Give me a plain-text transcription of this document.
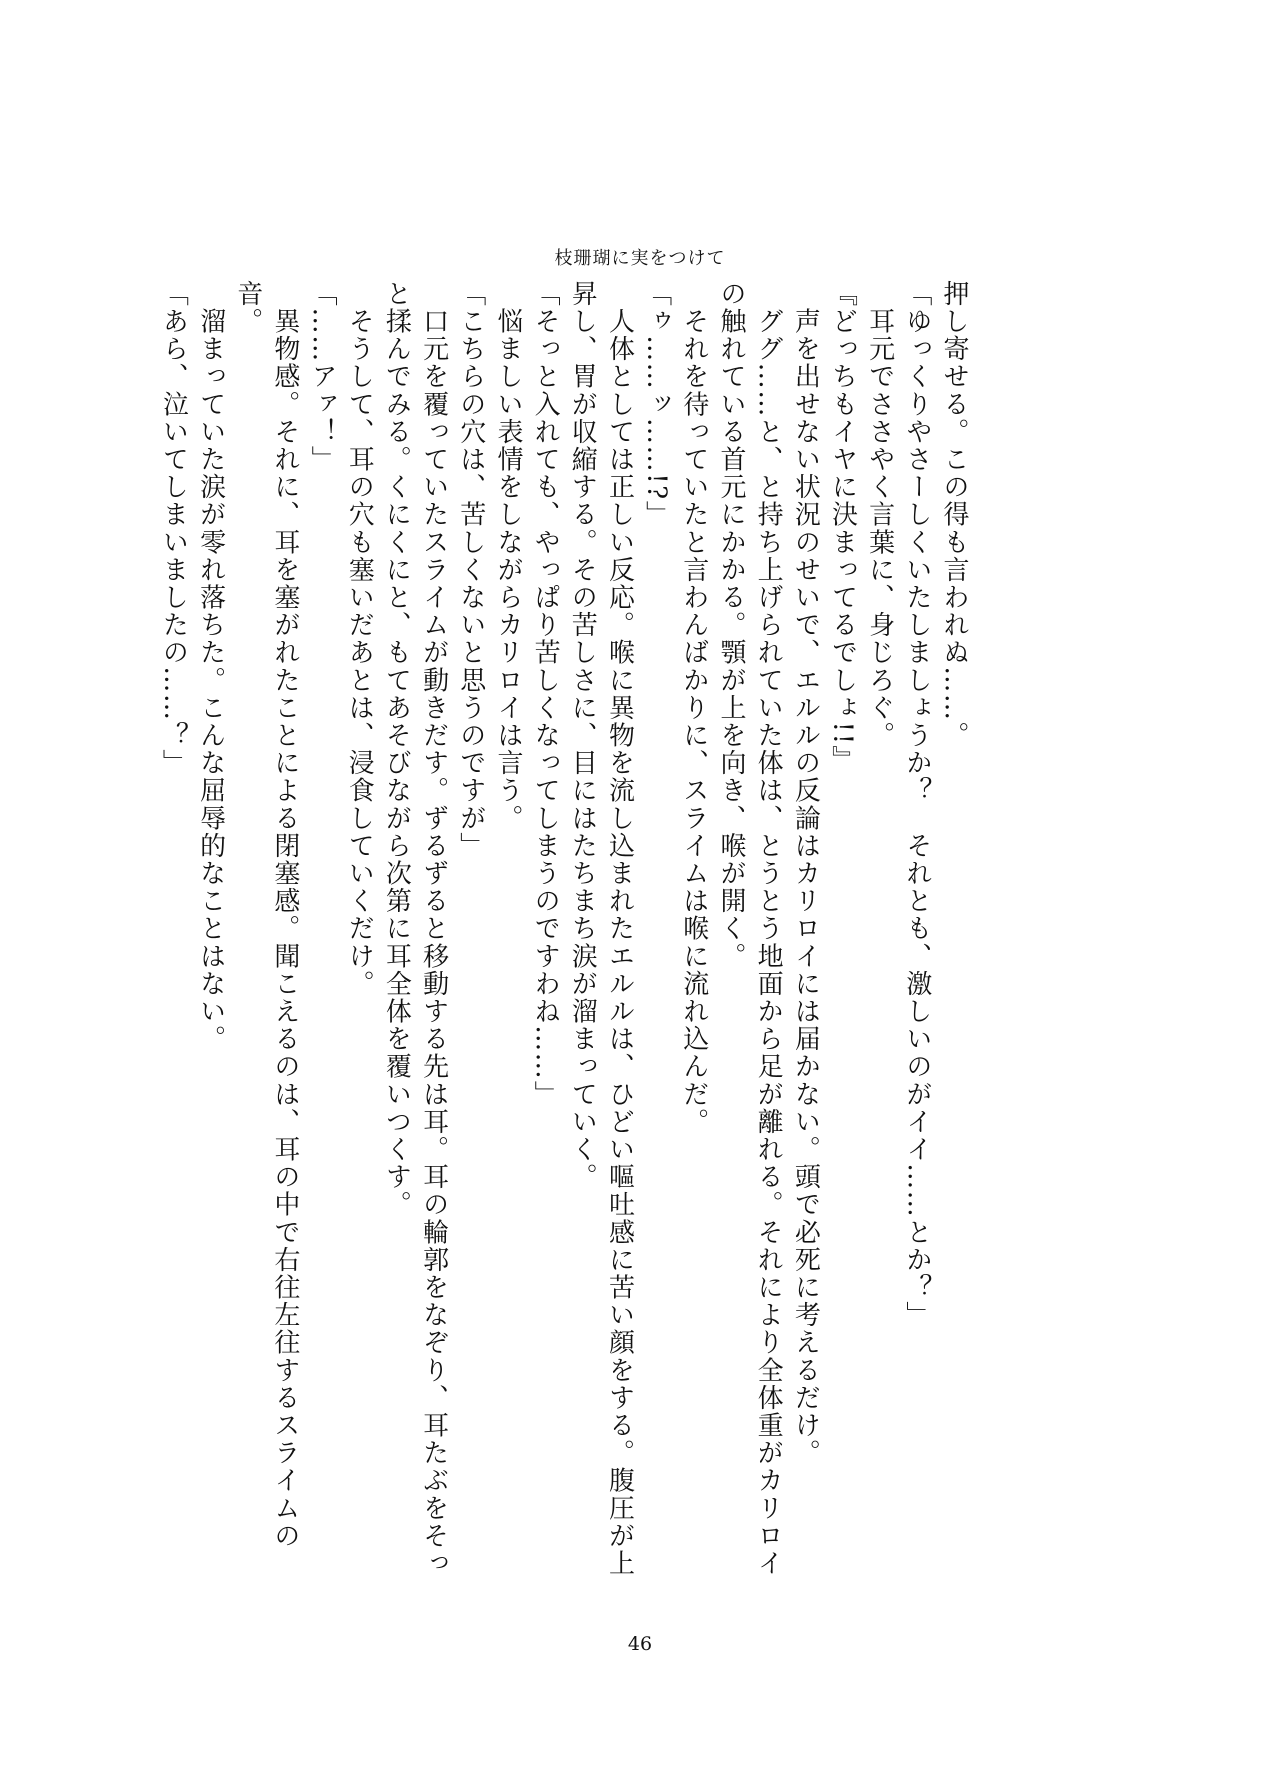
枝珊瑚に実をつけて

押し寄せる。この得も言われぬ……。

「ゆっくりやさーしくいたしましょうか？　それとも、激しいのがイイ……とか？」

　耳元でささやく言葉に、身じろぐ。

『どっちもイヤに決まってるでしょ!!』

　声を出せない状況のせいで、エルルの反論はカリロイには届かない。頭で必死に考えるだけ。

　ググ……と、と持ち上げられていた体は、とうとう地面から足が離れる。それにより全体重がカリロイの触れている首元にかかる。顎が上を向き、喉が開く。

　それを待っていたと言わんばかりに、スライムは喉に流れ込んだ。

「ゥ……ッ……!?」

　人体としては正しい反応。喉に異物を流し込まれたエルルは、ひどい嘔吐感に苦い顔をする。腹圧が上昇し、胃が収縮する。その苦しさに、目にはたちまち涙が溜まっていく。

「そっと入れても、やっぱり苦しくなってしまうのですわね……」

　悩ましい表情をしながらカリロイは言う。

「こちらの穴は、苦しくないと思うのですが」

　口元を覆っていたスライムが動きだす。ずるずると移動する先は耳。耳の輪郭をなぞり、耳たぶをそっと揉んでみる。くにくにと、もてあそびながら次第に耳全体を覆いつくす。

　そうして、耳の穴も塞いだあとは、浸食していくだけ。

「……アァ！」

　異物感。それに、耳を塞がれたことによる閉塞感。聞こえるのは、耳の中で右往左往するスライムの音。

　溜まっていた涙が零れ落ちた。こんな屈辱的なことはない。

「あら、泣いてしまいましたの……？」

46
